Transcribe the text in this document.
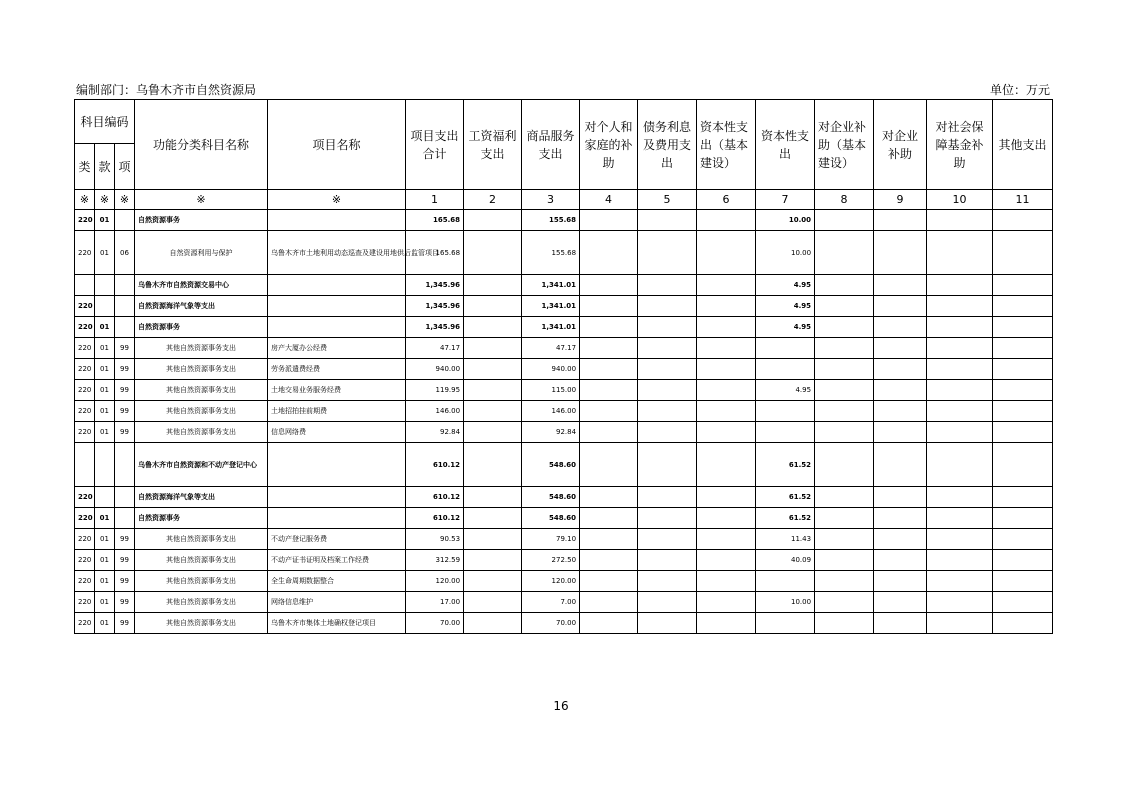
编制部门：乌鲁木齐市自然资源局	单位：万元
科目编码			功能分类科目名称	项目名称	项目支出合计	工资福利支出	商品服务支出	对个人和家庭的补助	债务利息及费用支出	资本性支出（基本建设）	资本性支出	对企业补助（基本建设）	对企业补助	对社会保障基金补助	其他支出
类	款	项													
※	※	※	※	※	1	2	3	4	5	6	7	8	9	10	11
220	01		自然资源事务		165.68		155.68				10.00				
220	01	06	自然资源利用与保护	乌鲁木齐市土地利用动态巡查及建设用地供后监管项目	165.68		155.68				10.00				
			乌鲁木齐市自然资源交易中心		1,345.96		1,341.01				4.95				
220			自然资源海洋气象等支出		1,345.96		1,341.01				4.95				
220	01		自然资源事务		1,345.96		1,341.01				4.95				
220	01	99	其他自然资源事务支出	房产大厦办公经费	47.17		47.17								
220	01	99	其他自然资源事务支出	劳务派遣费经费	940.00		940.00								
220	01	99	其他自然资源事务支出	土地交易业务服务经费	119.95		115.00				4.95				
220	01	99	其他自然资源事务支出	土地招拍挂前期费	146.00		146.00								
220	01	99	其他自然资源事务支出	信息网络费	92.84		92.84								
			乌鲁木齐市自然资源和不动产登记中心		610.12		548.60				61.52				
220			自然资源海洋气象等支出		610.12		548.60				61.52				
220	01		自然资源事务		610.12		548.60				61.52				
220	01	99	其他自然资源事务支出	不动产登记服务费	90.53		79.10				11.43				
220	01	99	其他自然资源事务支出	不动产证书证明及档案工作经费	312.59		272.50				40.09				
220	01	99	其他自然资源事务支出	全生命周期数据整合	120.00		120.00								
220	01	99	其他自然资源事务支出	网络信息维护	17.00		7.00				10.00				
220	01	99	其他自然资源事务支出	乌鲁木齐市集体土地确权登记项目	70.00		70.00								
16
